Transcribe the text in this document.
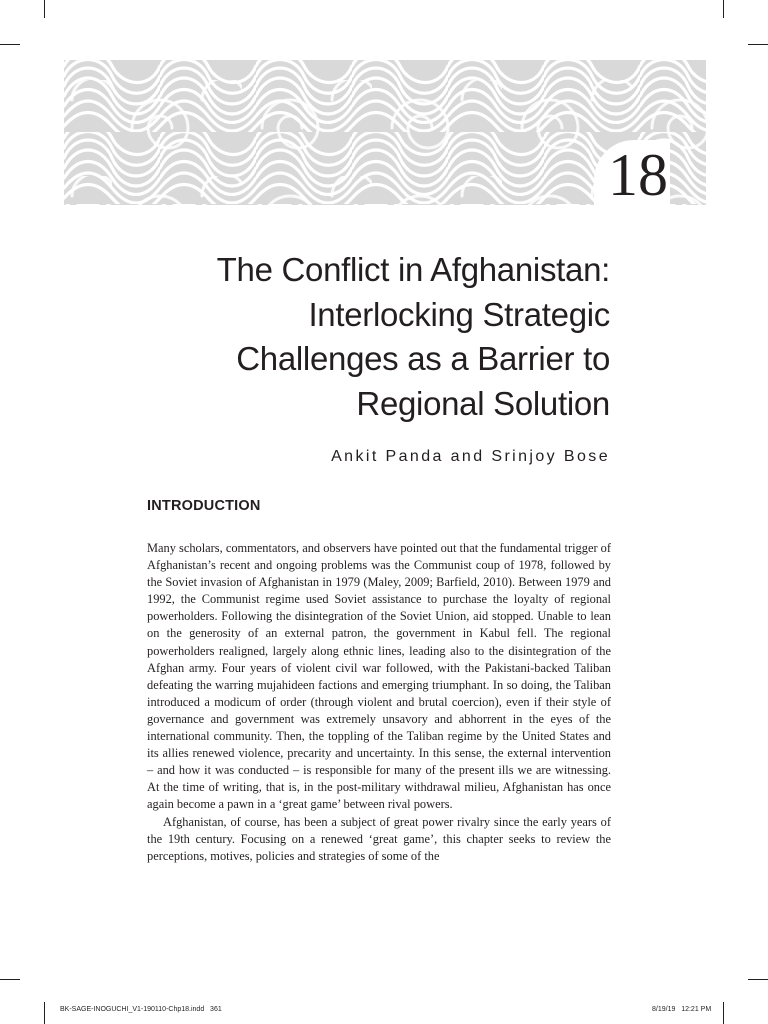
18
The Conflict in Afghanistan:
Interlocking Strategic
Challenges as a Barrier to
Regional Solution

Ankit Panda and Srinjoy Bose

INTRODUCTION

Many scholars, commentators, and observers have pointed out that the fundamental trigger of Afghanistan’s recent and ongoing problems was the Communist coup of 1978, followed by the Soviet invasion of Afghanistan in 1979 (Maley, 2009; Barfield, 2010). Between 1979 and 1992, the Communist regime used Soviet assistance to purchase the loyalty of regional powerholders. Following the disintegration of the Soviet Union, aid stopped. Unable to lean on the generosity of an external patron, the government in Kabul fell. The regional powerholders realigned, largely along ethnic lines, leading also to the disintegration of the Afghan army. Four years of violent civil war followed, with the Pakistani-backed Taliban defeating the warring mujahideen factions and emerging triumphant. In so doing, the Taliban introduced a modicum of order (through violent and brutal coercion), even if their style of governance and government was extremely unsavory and abhorrent in the eyes of the international community. Then, the toppling of the Taliban regime by the United States and its allies renewed violence, precarity and uncertainty. In this sense, the external intervention – and how it was conducted – is responsible for many of the present ills we are witnessing. At the time of writing, that is, in the post-military withdrawal milieu, Afghanistan has once again become a pawn in a ‘great game’ between rival powers.

Afghanistan, of course, has been a subject of great power rivalry since the early years of the 19th century. Focusing on a renewed ‘great game’, this chapter seeks to review the perceptions, motives, policies and strategies of some of the

BK-SAGE-INOGUCHI_V1-190110-Chp18.indd   361	8/19/19   12:21 PM
